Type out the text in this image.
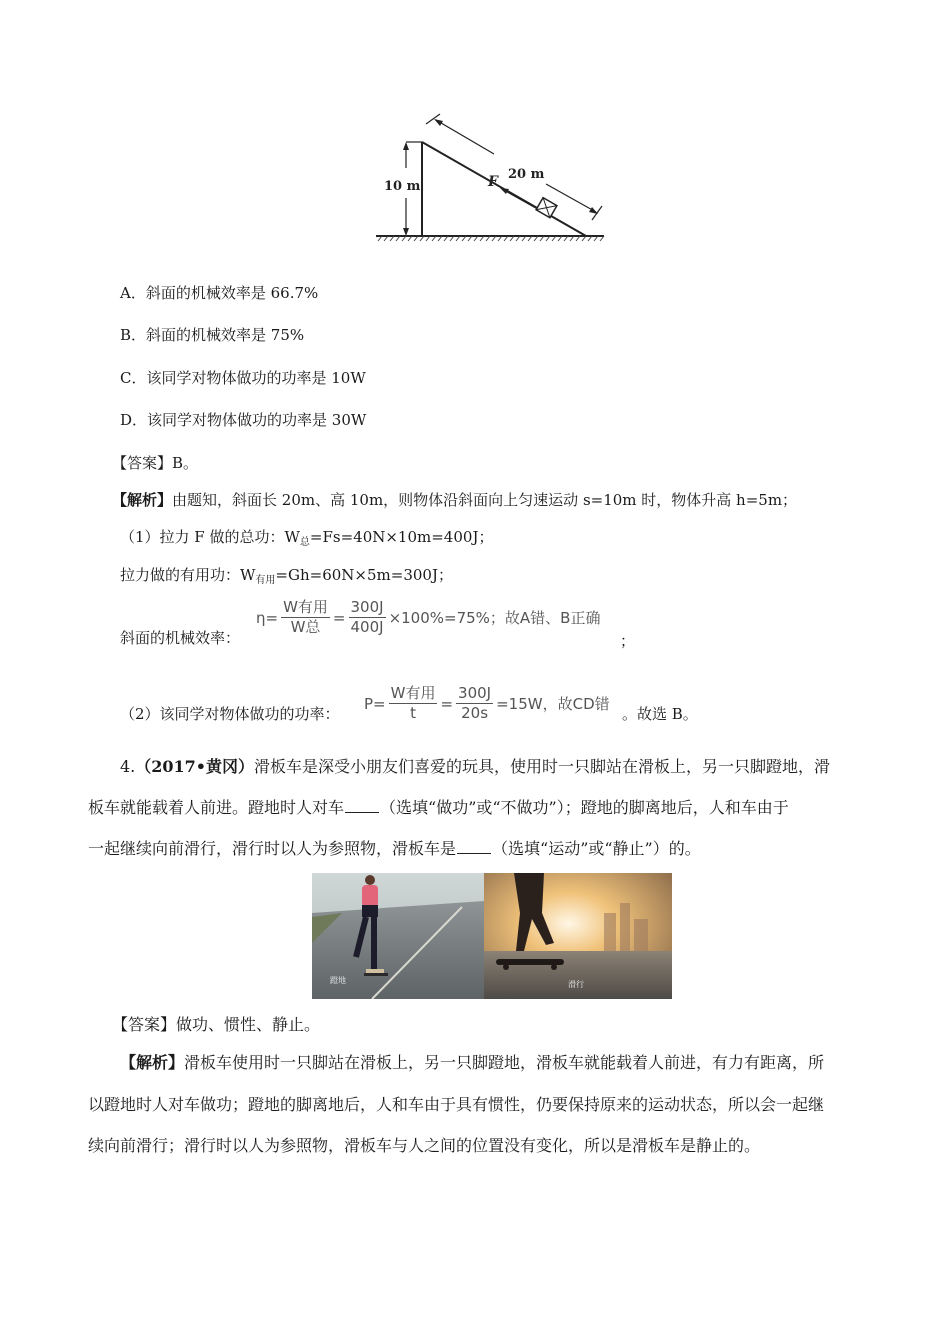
10 m
20 m
F
A．斜面的机械效率是 66.7%
B．斜面的机械效率是 75%
C．该同学对物体做功的功率是 10W
D．该同学对物体做功的功率是 30W
【答案】B。
【解析】由题知，斜面长 20m、高 10m，则物体沿斜面向上匀速运动 s=10m 时，物体升高 h=5m；
（1）拉力 F 做的总功：$W_总=Fs=40N\times 10m=400J$；
拉力做的有用功：$W_{有用}=Gh=60N\times 5m=300J$；
斜面的机械效率：
$\eta= \frac{\text{W有用}}{\text{W总}} = \frac{300J}{400J} \times 100\%=75\%$；故A错、B正确
；
（2）该同学对物体做功的功率：
$P= \frac{\text{W有用}}{t} = \frac{300J}{20s} =15W$，故CD错
。故选 B。
4.（2017•黄冈）滑板车是深受小朋友们喜爱的玩具，使用时一只脚站在滑板上，另一只脚蹬地，滑
板车就能载着人前进。蹬地时人对车 （选填“做功”或“不做功”）；蹬地的脚离地后，人和车由于
一起继续向前滑行，滑行时以人为参照物，滑板车是 （选填“运动”或“静止”）的。
蹬地	滑行
【答案】做功、惯性、静止。
【解析】滑板车使用时一只脚站在滑板上，另一只脚蹬地，滑板车就能载着人前进，有力有距离，所
以蹬地时人对车做功；蹬地的脚离地后，人和车由于具有惯性，仍要保持原来的运动状态，所以会一起继
续向前滑行；滑行时以人为参照物，滑板车与人之间的位置没有变化，所以是滑板车是静止的。
